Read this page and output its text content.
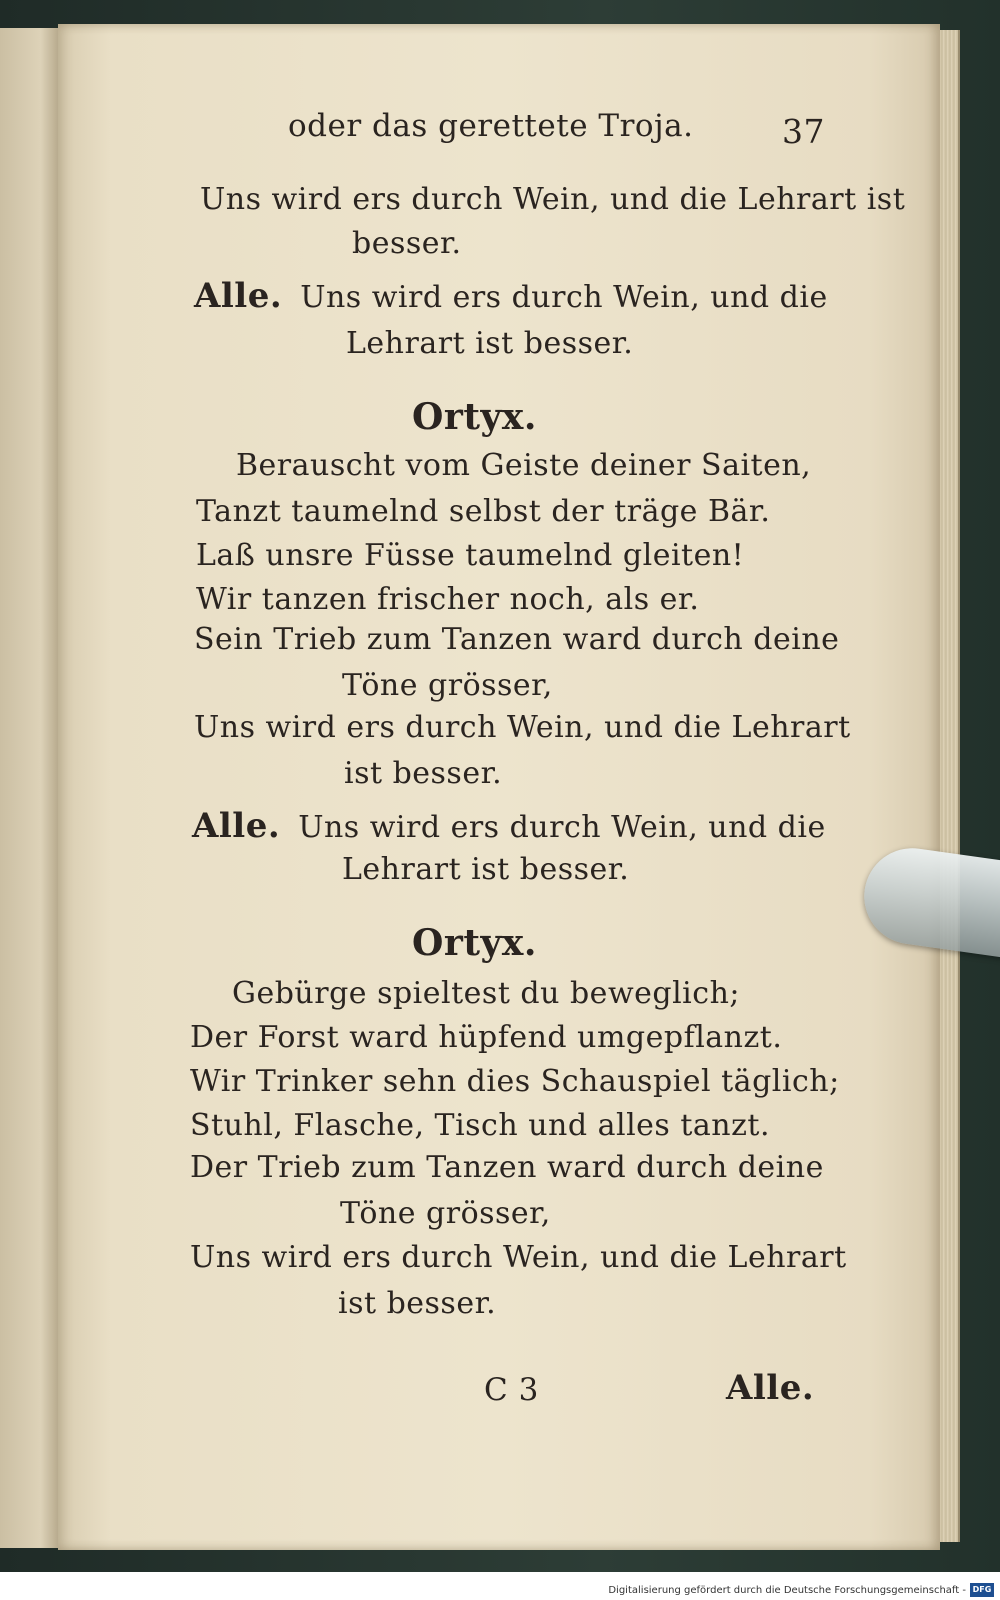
oder das gerettete Troja.	37
Uns wird ers durch Wein, und die Lehrart ist
besser.
Alle. Uns wird ers durch Wein, und die
Lehrart ist besser.
Ortyx.
Berauscht vom Geiste deiner Saiten,
Tanzt taumelnd selbst der träge Bär.
Laß unsre Füsse taumelnd gleiten!
Wir tanzen frischer noch, als er.
Sein Trieb zum Tanzen ward durch deine
Töne grösser,
Uns wird ers durch Wein, und die Lehrart
ist besser.
Alle. Uns wird ers durch Wein, und die
Lehrart ist besser.
Ortyx.
Gebürge spieltest du beweglich;
Der Forst ward hüpfend umgepflanzt.
Wir Trinker sehn dies Schauspiel täglich;
Stuhl, Flasche, Tisch und alles tanzt.
Der Trieb zum Tanzen ward durch deine
Töne grösser,
Uns wird ers durch Wein, und die Lehrart
ist besser.
C 3	Alle.
Digitalisierung gefördert durch die Deutsche Forschungsgemeinschaft - DFG
